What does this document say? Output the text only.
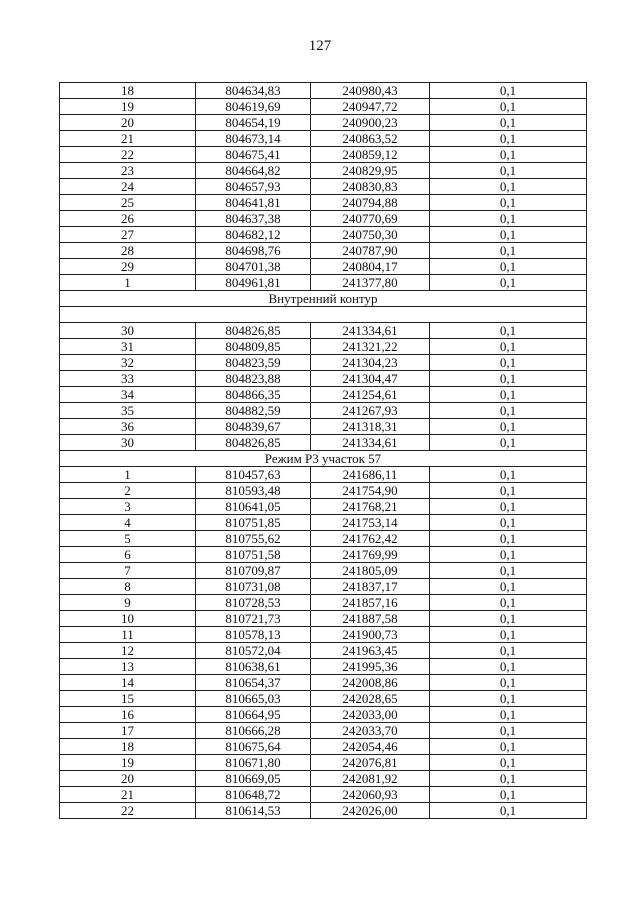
127
18	804634,83	240980,43	0,1
19	804619,69	240947,72	0,1
20	804654,19	240900,23	0,1
21	804673,14	240863,52	0,1
22	804675,41	240859,12	0,1
23	804664,82	240829,95	0,1
24	804657,93	240830,83	0,1
25	804641,81	240794,88	0,1
26	804637,38	240770,69	0,1
27	804682,12	240750,30	0,1
28	804698,76	240787,90	0,1
29	804701,38	240804,17	0,1
1	804961,81	241377,80	0,1
Внутренний контур			

30	804826,85	241334,61	0,1
31	804809,85	241321,22	0,1
32	804823,59	241304,23	0,1
33	804823,88	241304,47	0,1
34	804866,35	241254,61	0,1
35	804882,59	241267,93	0,1
36	804839,67	241318,31	0,1
30	804826,85	241334,61	0,1
Режим Р3 участок 57			
1	810457,63	241686,11	0,1
2	810593,48	241754,90	0,1
3	810641,05	241768,21	0,1
4	810751,85	241753,14	0,1
5	810755,62	241762,42	0,1
6	810751,58	241769,99	0,1
7	810709,87	241805,09	0,1
8	810731,08	241837,17	0,1
9	810728,53	241857,16	0,1
10	810721,73	241887,58	0,1
11	810578,13	241900,73	0,1
12	810572,04	241963,45	0,1
13	810638,61	241995,36	0,1
14	810654,37	242008,86	0,1
15	810665,03	242028,65	0,1
16	810664,95	242033,00	0,1
17	810666,28	242033,70	0,1
18	810675,64	242054,46	0,1
19	810671,80	242076,81	0,1
20	810669,05	242081,92	0,1
21	810648,72	242060,93	0,1
22	810614,53	242026,00	0,1
